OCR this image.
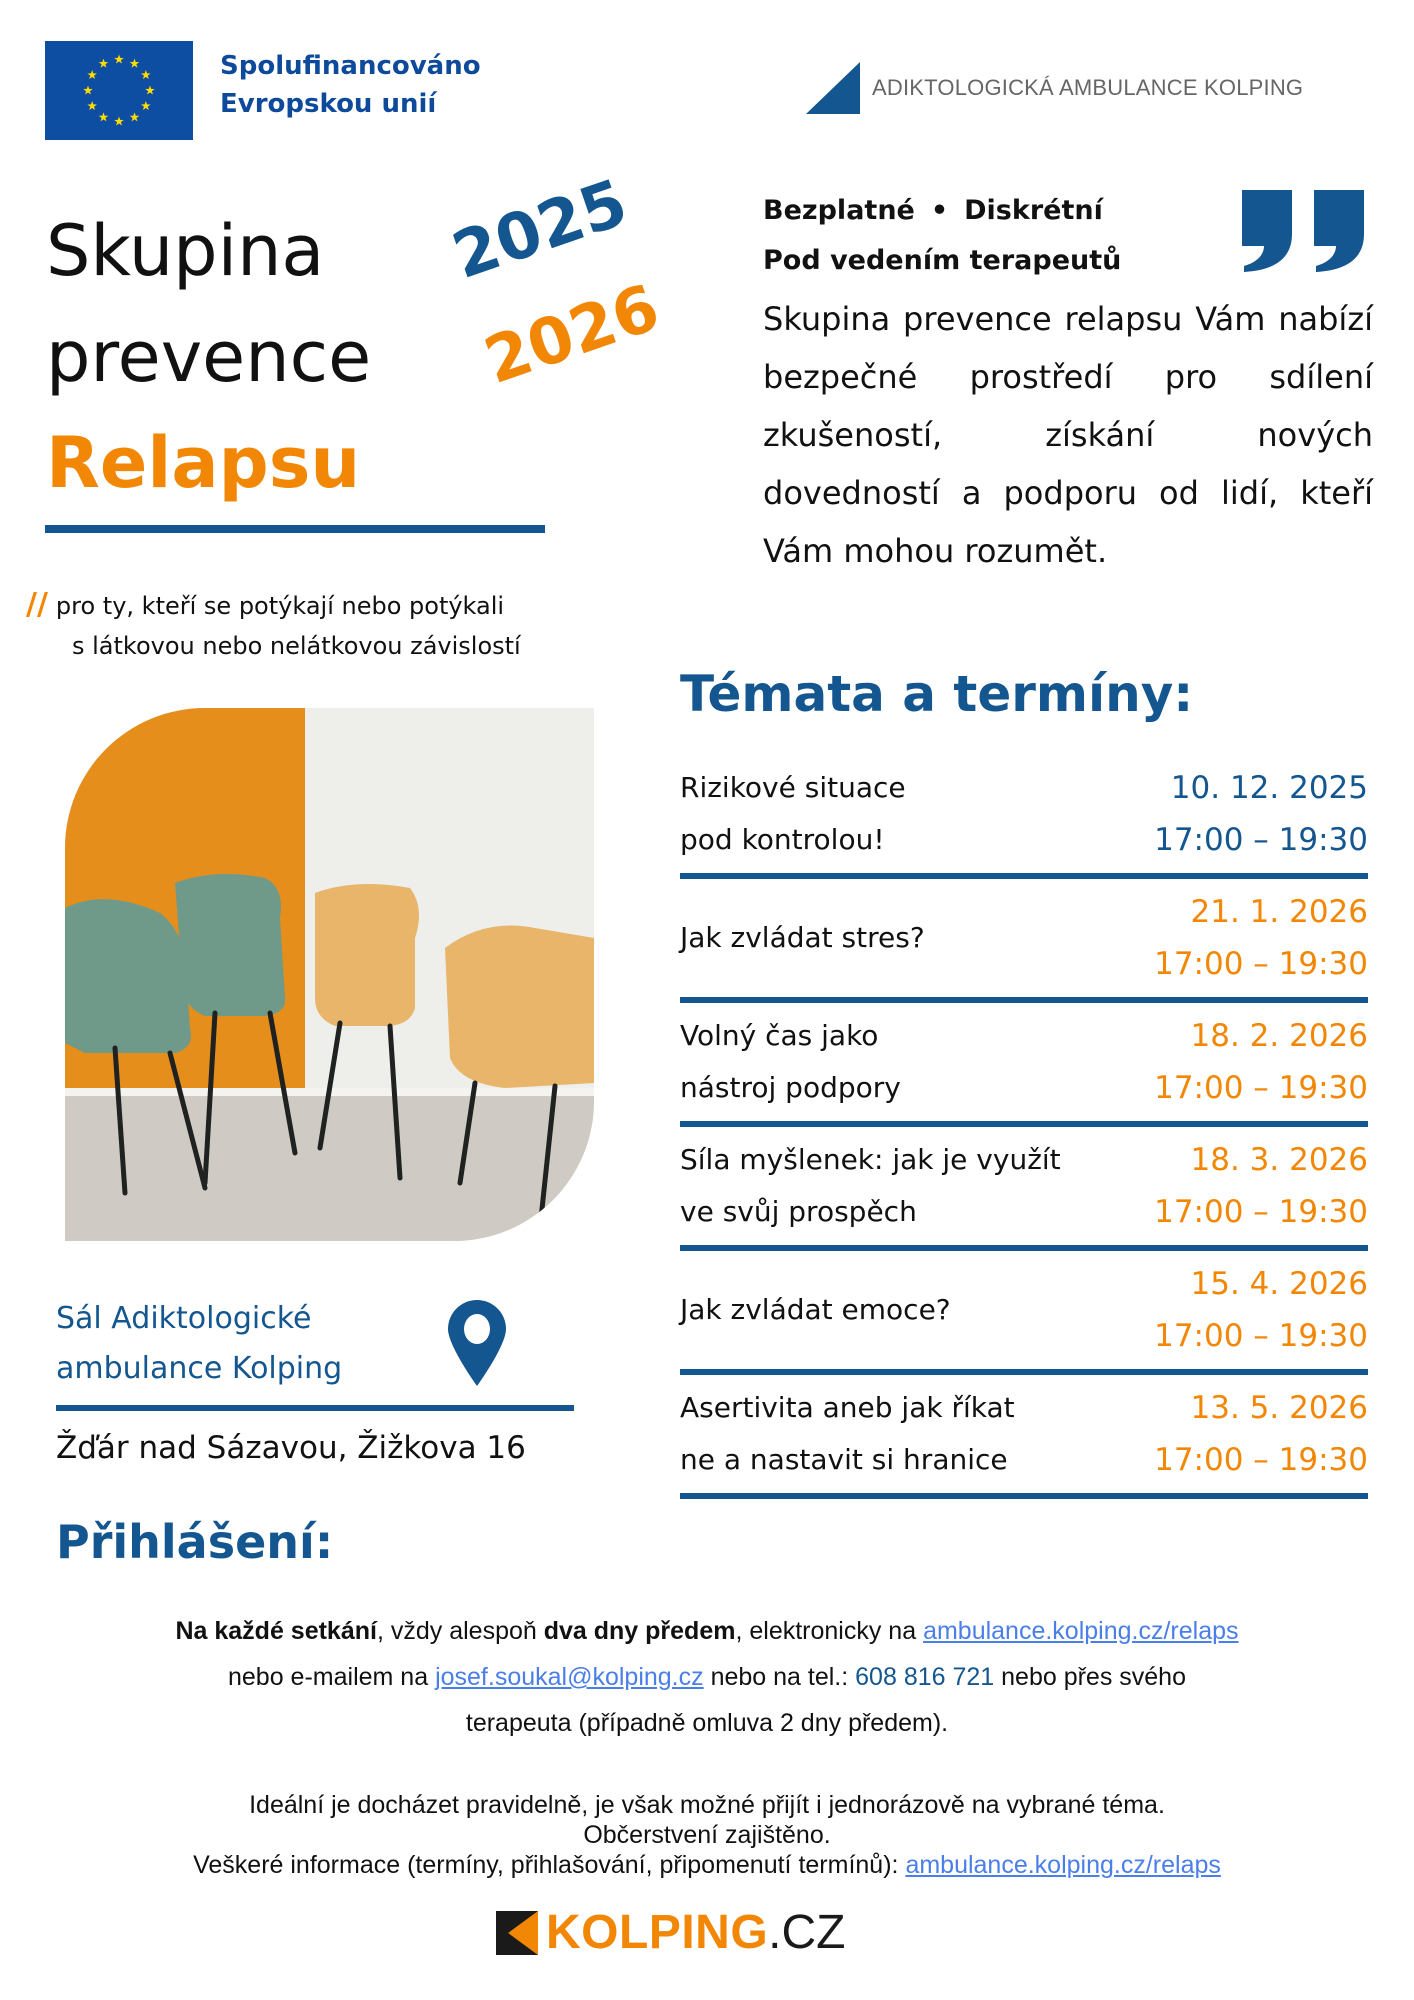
Spolufinancováno
Evropskou unií
ADIKTOLOGICKÁ AMBULANCE KOLPING
Skupina
prevence
Relapsu
2025
2026
// pro ty, kteří se potýkají nebo potýkali
s látkovou nebo nelátkovou závislostí
Bezplatné • Diskrétní
Pod vedením terapeutů
Skupina prevence relapsu Vám nabízí bezpečné prostředí pro sdílení zkušeností, získání nových dovedností a podporu od lidí, kteří Vám mohou rozumět.
Témata a termíny:
Rizikové situace
pod kontrolou!
10. 12. 2025
17:00 – 19:30
Jak zvládat stres?
21. 1. 2026
17:00 – 19:30
Volný čas jako
nástroj podpory
18. 2. 2026
17:00 – 19:30
Síla myšlenek: jak je využít
ve svůj prospěch
18. 3. 2026
17:00 – 19:30
Jak zvládat emoce?
15. 4. 2026
17:00 – 19:30
Asertivita aneb jak říkat
ne a nastavit si hranice
13. 5. 2026
17:00 – 19:30
Sál Adiktologické
ambulance Kolping
Žďár nad Sázavou, Žižkova 16
Přihlášení:
Na každé setkání, vždy alespoň dva dny předem, elektronicky na ambulance.kolping.cz/relaps
nebo e-mailem na josef.soukal@kolping.cz nebo na tel.: 608 816 721 nebo přes svého
terapeuta (případně omluva 2 dny předem).
Ideální je docházet pravidelně, je však možné přijít i jednorázově na vybrané téma.
Občerstvení zajištěno.
Veškeré informace (termíny, přihlašování, připomenutí termínů): ambulance.kolping.cz/relaps
KOLPING .CZ
